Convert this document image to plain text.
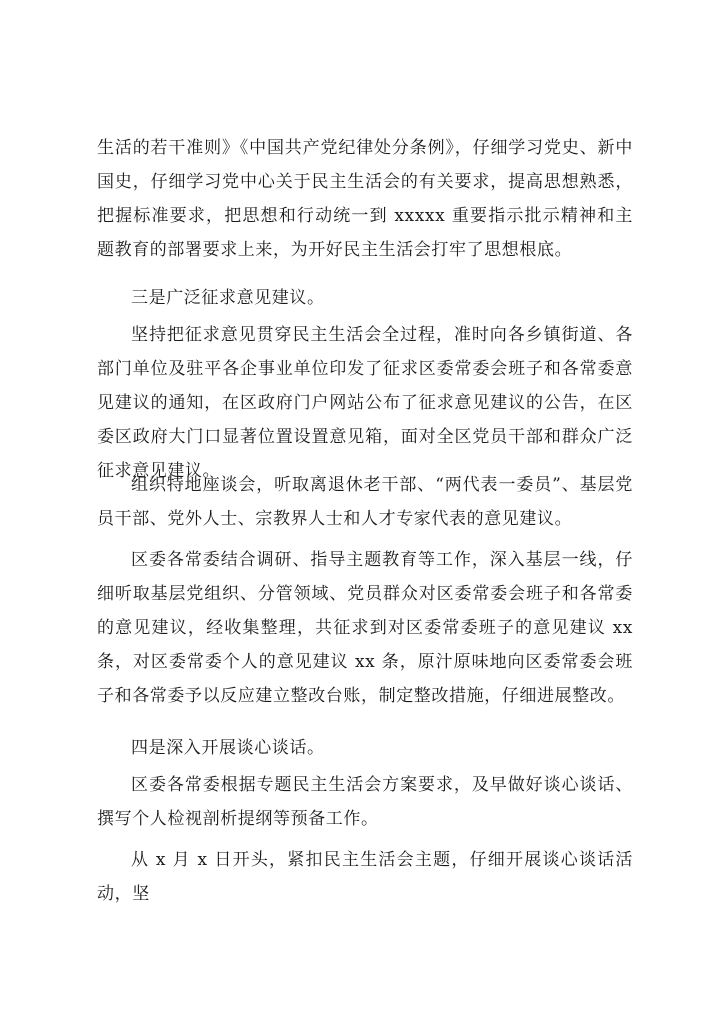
生活的若干准则》《中国共产党纪律处分条例》，仔细学习党史、新中国史，仔细学习党中心关于民主生活会的有关要求，提高思想熟悉，把握标准要求，把思想和行动统一到 xxxxx 重要指示批示精神和主题教育的部署要求上来，为开好民主生活会打牢了思想根底。

三是广泛征求意见建议。

坚持把征求意见贯穿民主生活会全过程，准时向各乡镇街道、各部门单位及驻平各企事业单位印发了征求区委常委会班子和各常委意见建议的通知，在区政府门户网站公布了征求意见建议的公告，在区委区政府大门口显著位置设置意见箱，面对全区党员干部和群众广泛征求意见建议。

组织特地座谈会，听取离退休老干部、“两代表一委员”、基层党员干部、党外人士、宗教界人士和人才专家代表的意见建议。

区委各常委结合调研、指导主题教育等工作，深入基层一线，仔细听取基层党组织、分管领域、党员群众对区委常委会班子和各常委的意见建议，经收集整理，共征求到对区委常委班子的意见建议 xx 条，对区委常委个人的意见建议 xx 条，原汁原味地向区委常委会班子和各常委予以反应建立整改台账，制定整改措施，仔细进展整改。

四是深入开展谈心谈话。

区委各常委根据专题民主生活会方案要求，及早做好谈心谈话、撰写个人检视剖析提纲等预备工作。

从 x 月 x 日开头，紧扣民主生活会主题，仔细开展谈心谈话活动，坚
